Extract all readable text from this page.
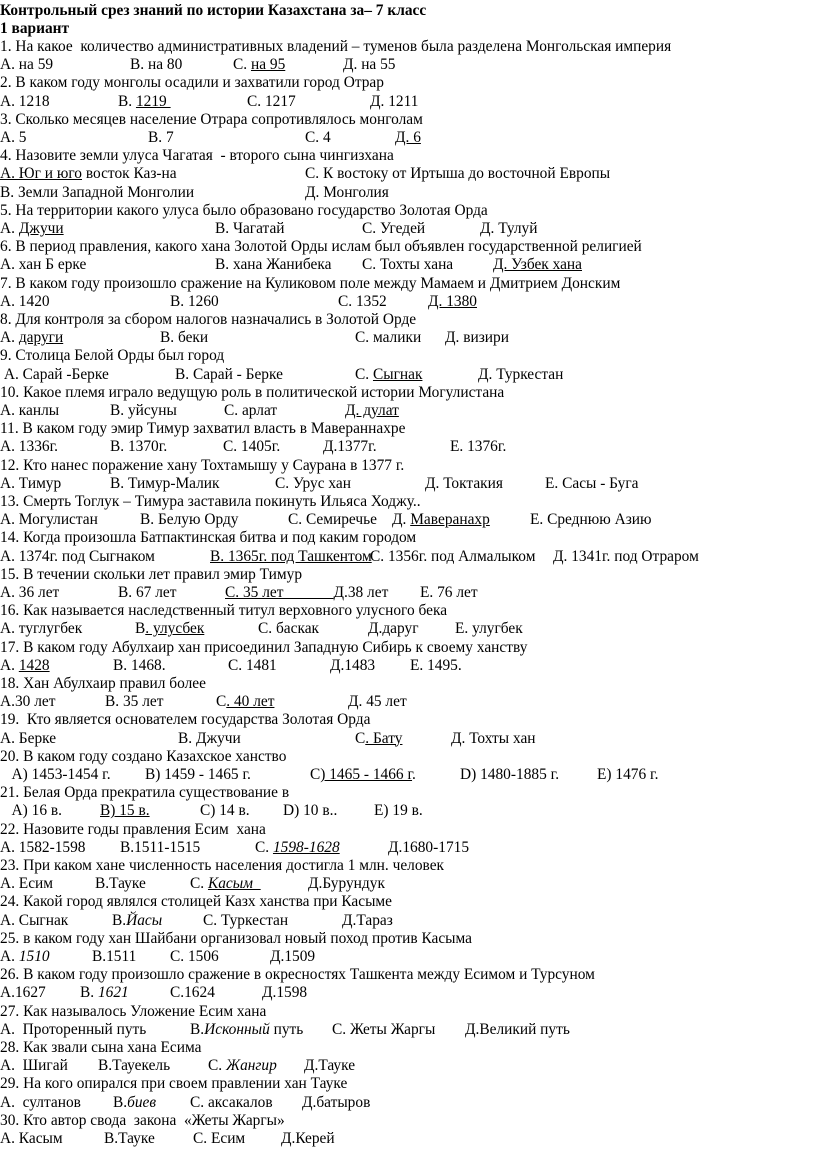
Контрольный срез знаний по истории Казахстана за– 7 класс
1 вариант
1. На какое  количество административных владений – туменов была разделена Монгольская империя
А. на 59	В. на 80	С. на 95	Д. на 55
2. В каком году монголы осадили и захватили город Отрар
А. 1218	В. 1219	С. 1217	Д. 1211
3. Сколько месяцев население Отрара сопротивлялось монголам
А. 5	В. 7	С. 4	Д. 6
4. Назовите земли улуса Чагатая  - второго сына чингизхана
А. Юг и юго восток Каз-на	С. К востоку от Иртыша до восточной Европы
В. Земли Западной Монголии	Д. Монголия
5. На территории какого улуса было образовано государство Золотая Орда
А. Джучи	В. Чагатай	С. Угедей	Д. Тулуй
6. В период правления, какого хана Золотой Орды ислам был объявлен государственной религией
А. хан Б ерке	В. хана Жанибека С. Тохты хана	Д. Узбек хана
7. В каком году произошло сражение на Куликовом поле между Мамаем и Дмитрием Донским
А. 1420	В. 1260	С. 1352	Д. 1380
8. Для контроля за сбором налогов назначались в Золотой Орде
А. даруги	В. беки	С. малики Д. визири
9. Столица Белой Орды был город
А. Сарай -Берке	В. Сарай - Берке	С. Сыгнак	Д. Туркестан
10. Какое племя играло ведущую роль в политической истории Могулистана
А. канлы	В. уйсуны	С. арлат	Д. дулат
11. В каком году эмир Тимур захватил власть в Мавераннахре
А. 1336г.	В. 1370г.	С. 1405г.	Д.1377г.	Е. 1376г.
12. Кто нанес поражение хану Тохтамышу у Саурана в 1377 г.
А. Тимур	В. Тимур-Малик	С. Урус хан	Д. Токтакия	Е. Сасы - Буга
13. Смерть Тоглук – Тимура заставила покинуть Ильяса Ходжу..
А. Могулистан	В. Белую Орду	С. Семиречье Д. Мавeранахр	Е. Среднюю Азию
14. Когда произошла Батпактинская битва и под каким городом
А. 1374г. под Сыгнаком	В. 1365г. под Ташкентом
С. 1356г. под Алмалыком Д. 1341г. под Отраром
15. В течении скольки лет правил эмир Тимур
А. 36 лет	В. 67 лет	С. 35 лет             Д.38 лет Е. 76 лет
16. Как называется наследственный титул верховного улусного бека
А. туглугбек	В. улусбек	С. баскак	Д.даруг Е. улугбек
17. В каком году Абулхаир хан присоединил Западную Сибирь к своему ханству
А. 1428	В. 1468.	С. 1481	Д.1483 Е. 1495.
18. Хан Абулхаир правил более
А.30 лет	В. 35 лет	С. 40 лет	Д. 45 лет
19.  Кто является основателем государства Золотая Орда
А. Берке	В. Джучи	С. Бату	Д. Тохты хан
20. В каком году создано Казахское ханство
А) 1453-1454 г. В) 1459 - 1465 г.	С) 1465 - 1466 г.	D) 1480-1885 г. Е) 1476 г.
21. Белая Орда прекратила существование в
А) 16 в. В) 15 в.	С) 14 в. D) 10 в.. Е) 19 в.
22. Назовите годы правления Есим  хана
А. 1582-1598 В.1511-1515	С. 1598-1628	Д.1680-1715
23. При каком хане численность населения достигла 1 млн. человек
А. Есим	В.Тауке	С. Касым	Д.Бурундук
24. Какой город являлся столицей Казх ханства при Касыме
А. Сыгнак	В.Йасы	С. Туркестан	Д.Тараз
25. в каком году хан Шайбани организовал новый поход против Касыма
А. 1510	В.1511 С. 1506	Д.1509
26. В каком году произошло сражение в окреcностях Ташкента между Есимом и Турсуном
А.1627 В. 1621	С.1624	Д.1598
27. Как называлось Уложение Есим хана
А.  Проторенный путь	В.Исконный путь С. Жеты Жаргы Д.Великий путь
28. Как звали сына хана Есима
А.  Шигай В.Тауекель С. Жангир Д.Тауке
29. На кого опиралcя при своем правлении хан Тауке
А.  султанов В.биев С. аксакалов Д.батыров
30. Кто автор свода  закона  «Жеты Жаргы»
А. Касым	В.Тауке С. Есим Д.Керей
